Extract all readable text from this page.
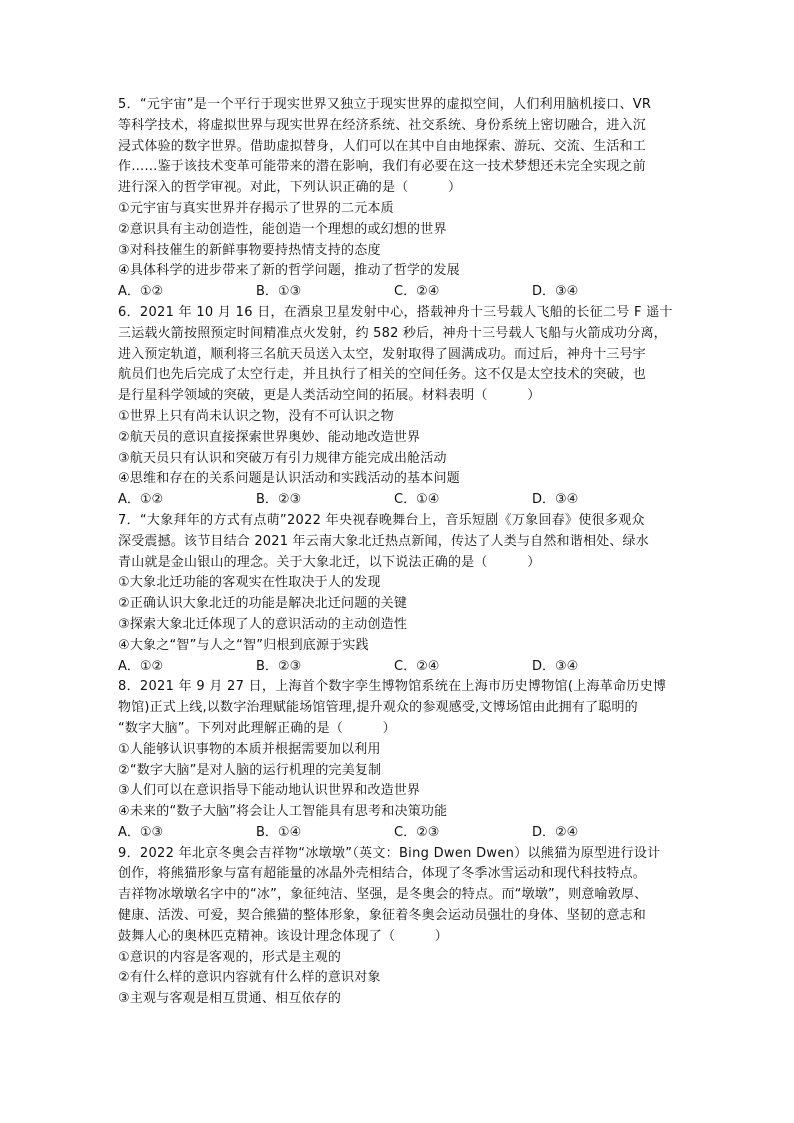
5．“元宇宙”是一个平行于现实世界又独立于现实世界的虚拟空间，人们利用脑机接口、VR
等科学技术，将虚拟世界与现实世界在经济系统、社交系统、身份系统上密切融合，进入沉
浸式体验的数字世界。借助虚拟替身，人们可以在其中自由地探索、游玩、交流、生活和工
作……鉴于该技术变革可能带来的潜在影响，我们有必要在这一技术梦想还未完全实现之前
进行深入的哲学审视。对此，下列认识正确的是（　　　）
①元宇宙与真实世界并存揭示了世界的二元本质
②意识具有主动创造性，能创造一个理想的或幻想的世界
③对科技催生的新鲜事物要持热情支持的态度
④具体科学的进步带来了新的哲学问题，推动了哲学的发展
A．①②	B．①③	C．②④	D．③④
6．2021 年 10 月 16 日，在酒泉卫星发射中心，搭载神舟十三号载人飞船的长征二号 F 遥十
三运载火箭按照预定时间精准点火发射，约 582 秒后，神舟十三号载人飞船与火箭成功分离，
进入预定轨道，顺利将三名航天员送入太空，发射取得了圆满成功。而过后，神舟十三号宇
航员们也先后完成了太空行走，并且执行了相关的空间任务。这不仅是太空技术的突破，也
是行星科学领域的突破，更是人类活动空间的拓展。材料表明（　　　）
①世界上只有尚未认识之物，没有不可认识之物
②航天员的意识直接探索世界奥妙、能动地改造世界
③航天员只有认识和突破万有引力规律方能完成出舱活动
④思维和存在的关系问题是认识活动和实践活动的基本问题
A．①②	B．②③	C．①④	D．③④
7．“大象拜年的方式有点萌”2022 年央视春晚舞台上，音乐短剧《万象回春》使很多观众
深受震撼。该节目结合 2021 年云南大象北迁热点新闻，传达了人类与自然和谐相处、绿水
青山就是金山银山的理念。关于大象北迁，以下说法正确的是（　　　）
①大象北迁功能的客观实在性取决于人的发现
②正确认识大象北迁的功能是解决北迁问题的关键
③探索大象北迁体现了人的意识活动的主动创造性
④大象之“智”与人之“智”归根到底源于实践
A．①②	B．②③	C．②④	D．③④
8．2021 年 9 月 27 日，上海首个数字孪生博物馆系统在上海市历史博物馆(上海革命历史博
物馆)正式上线,以数字治理赋能场馆管理,提升观众的参观感受,文博场馆由此拥有了聪明的
“数字大脑”。下列对此理解正确的是（　　　）
①人能够认识事物的本质并根据需要加以利用
②“数字大脑”是对人脑的运行机理的完美复制
③人们可以在意识指导下能动地认识世界和改造世界
④未来的“数子大脑”将会让人工智能具有思考和决策功能
A．①③	B．①④	C．②③	D．②④
9．2022 年北京冬奥会吉祥物“冰墩墩”（英文：Bing Dwen Dwen）以熊猫为原型进行设计
创作，将熊猫形象与富有超能量的冰晶外壳相结合，体现了冬季冰雪运动和现代科技特点。
吉祥物冰墩墩名字中的“冰”，象征纯洁、坚强，是冬奥会的特点。而“墩墩”，则意喻敦厚、
健康、活泼、可爱，契合熊猫的整体形象，象征着冬奥会运动员强壮的身体、坚韧的意志和
鼓舞人心的奥林匹克精神。该设计理念体现了（　　　）
①意识的内容是客观的，形式是主观的
②有什么样的意识内容就有什么样的意识对象
③主观与客观是相互贯通、相互依存的
